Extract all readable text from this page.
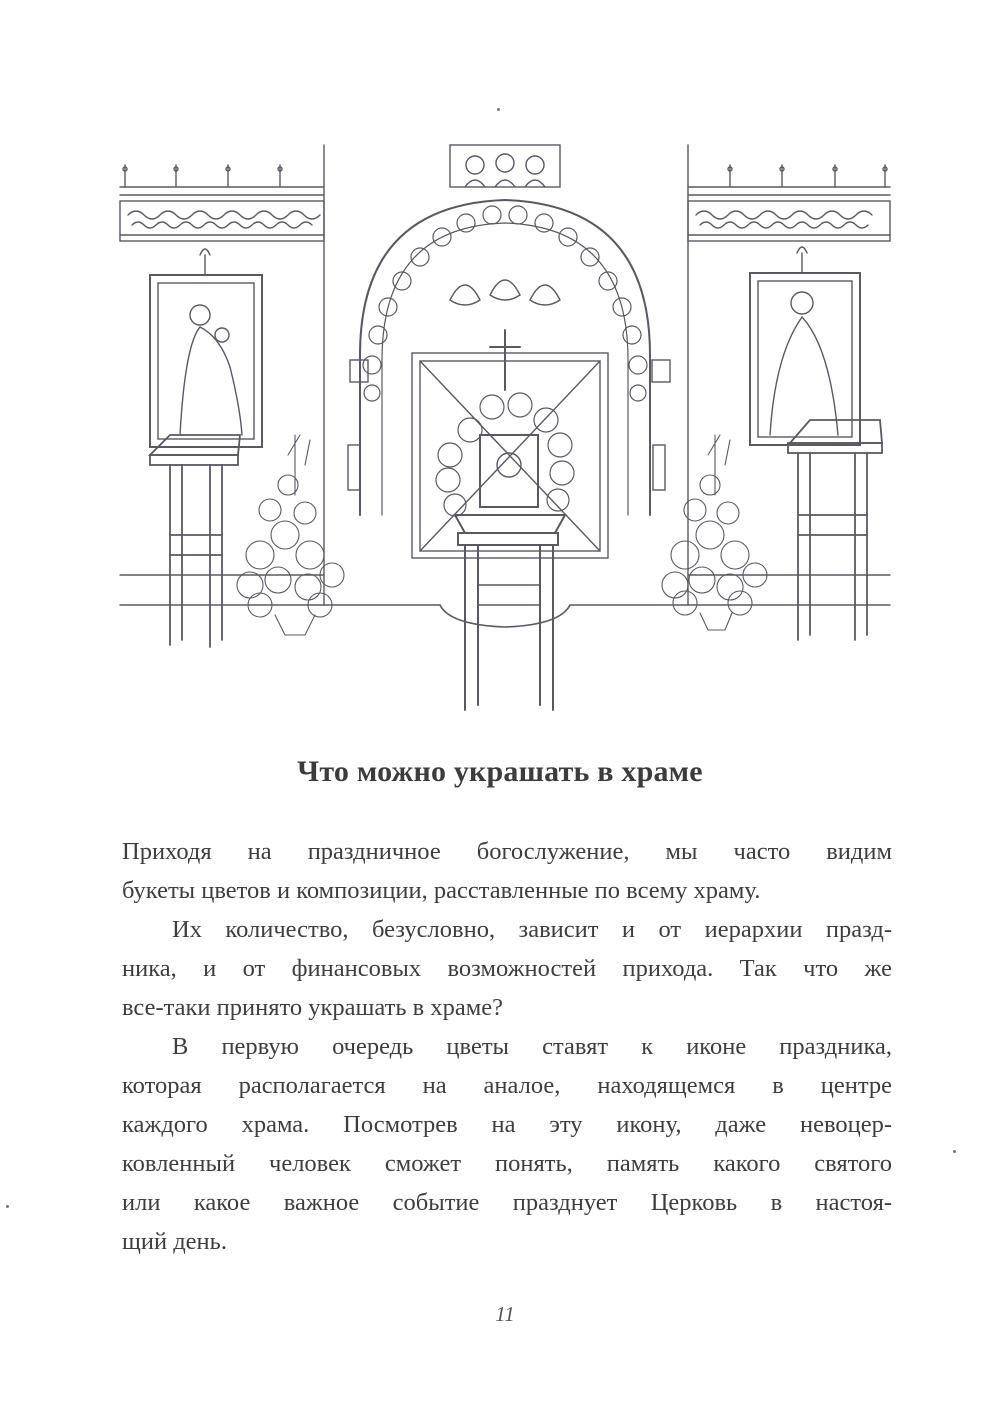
Что можно украшать в храме
Приходя на праздничное богослужение, мы часто видим
букеты цветов и композиции, расставленные по всему храму.
Их количество, безусловно, зависит и от иерархии празд-
ника, и от финансовых возможностей прихода. Так что же
все-таки принято украшать в храме?
В первую очередь цветы ставят к иконе праздника,
которая располагается на аналое, находящемся в центре
каждого храма. Посмотрев на эту икону, даже невоцер-
ковленный человек сможет понять, память какого святого
или какое важное событие празднует Церковь в настоя-
щий день.
11
